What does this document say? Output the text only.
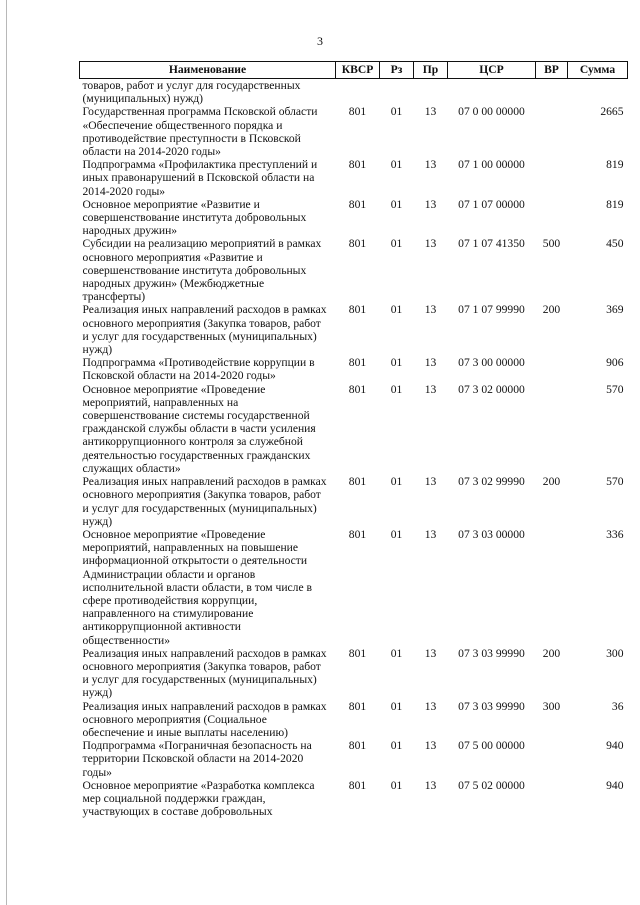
3
Наименование	КВСР	Рз	Пр	ЦСР	ВР	Сумма
товаров, работ и услуг для государственных (муниципальных) нужд)						
Государственная программа Псковской области «Обеспечение общественного порядка и противодействие преступности в Псковской области на 2014-2020 годы»	801	01	13	07 0 00 00000		2665
Подпрограмма «Профилактика преступлений и иных правонарушений в Псковской области на 2014-2020 годы»	801	01	13	07 1 00 00000		819
Основное мероприятие «Развитие и совершенствование института добровольных народных дружин»	801	01	13	07 1 07 00000		819
Субсидии на реализацию мероприятий в рамках основного мероприятия «Развитие и совершенствование института добровольных народных дружин» (Межбюджетные трансферты)	801	01	13	07 1 07 41350	500	450
Реализация иных направлений расходов в рамках основного мероприятия (Закупка товаров, работ и услуг для государственных (муниципальных) нужд)	801	01	13	07 1 07 99990	200	369
Подпрограмма «Противодействие коррупции в Псковской области на 2014-2020 годы»	801	01	13	07 3 00 00000		906
Основное мероприятие «Проведение мероприятий, направленных на совершенствование системы государственной гражданской службы области в части усиления антикоррупционного контроля за служебной деятельностью государственных гражданских служащих области»	801	01	13	07 3 02 00000		570
Реализация иных направлений расходов в рамках основного мероприятия (Закупка товаров, работ и услуг для государственных (муниципальных) нужд)	801	01	13	07 3 02 99990	200	570
Основное мероприятие «Проведение мероприятий, направленных на повышение информационной открытости о деятельности Администрации области и органов исполнительной власти области, в том числе в сфере противодействия коррупции, направленного на стимулирование антикоррупционной активности общественности»	801	01	13	07 3 03 00000		336
Реализация иных направлений расходов в рамках основного мероприятия (Закупка товаров, работ и услуг для государственных (муниципальных) нужд)	801	01	13	07 3 03 99990	200	300
Реализация иных направлений расходов в рамках основного мероприятия (Социальное обеспечение и иные выплаты населению)	801	01	13	07 3 03 99990	300	36
Подпрограмма «Пограничная безопасность на территории Псковской области на 2014-2020 годы»	801	01	13	07 5 00 00000		940
Основное мероприятие «Разработка комплекса мер социальной поддержки граждан, участвующих в составе добровольных	801	01	13	07 5 02 00000		940
